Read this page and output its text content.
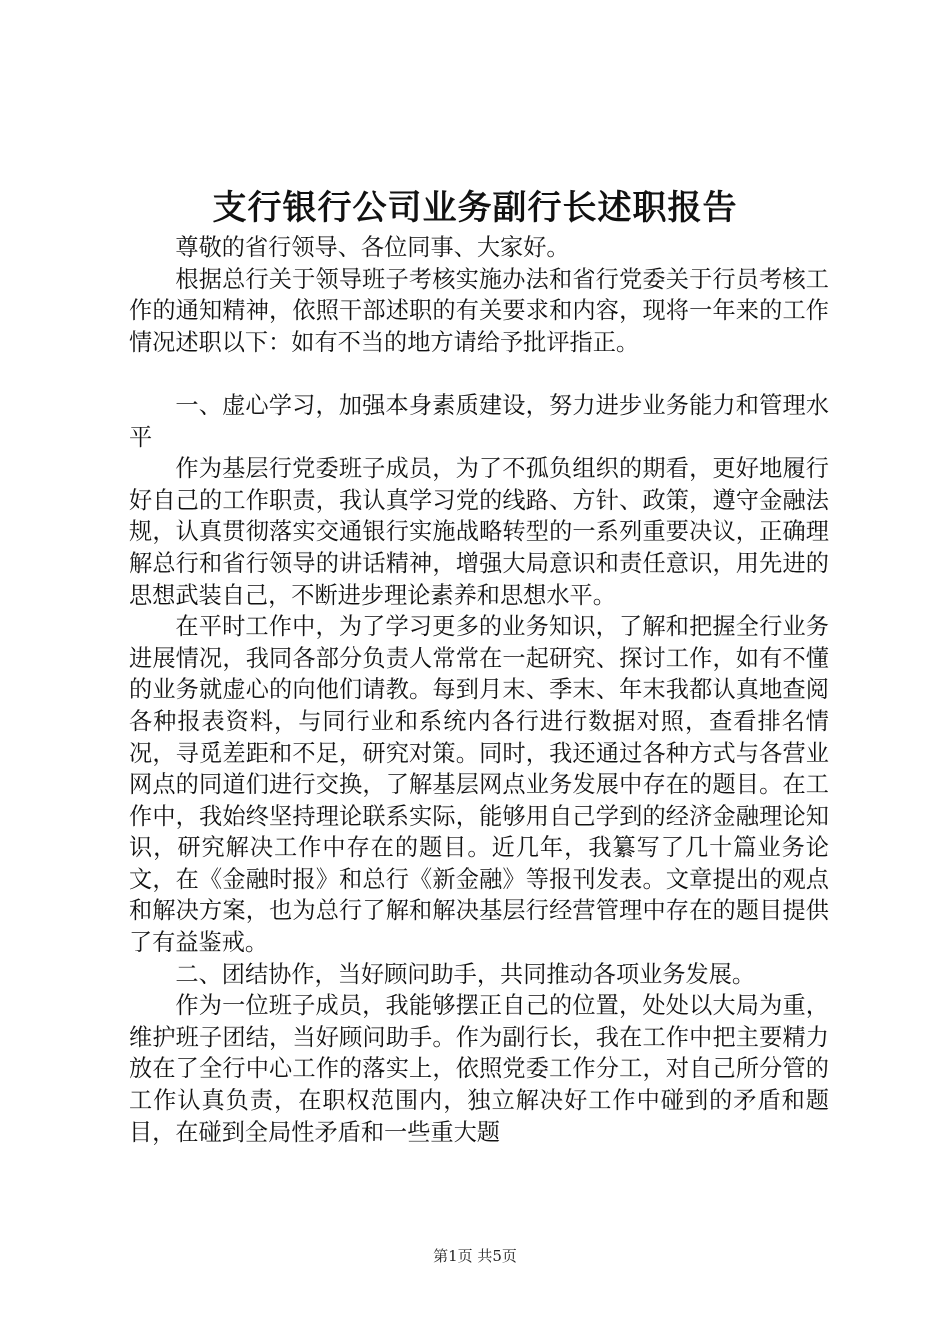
支行银行公司业务副行长述职报告

尊敬的省行领导、各位同事、大家好。

根据总行关于领导班子考核实施办法和省行党委关于行员考核工作的通知精神，依照干部述职的有关要求和内容，现将一年来的工作情况述职以下：如有不当的地方请给予批评指正。

一、虚心学习，加强本身素质建设，努力进步业务能力和管理水平

作为基层行党委班子成员，为了不孤负组织的期看，更好地履行好自己的工作职责，我认真学习党的线路、方针、政策，遵守金融法规，认真贯彻落实交通银行实施战略转型的一系列重要决议，正确理解总行和省行领导的讲话精神，增强大局意识和责任意识，用先进的思想武装自己，不断进步理论素养和思想水平。

在平时工作中，为了学习更多的业务知识，了解和把握全行业务进展情况，我同各部分负责人常常在一起研究、探讨工作，如有不懂的业务就虚心的向他们请教。每到月末、季末、年末我都认真地查阅各种报表资料，与同行业和系统内各行进行数据对照，查看排名情况，寻觅差距和不足，研究对策。同时，我还通过各种方式与各营业网点的同道们进行交换，了解基层网点业务发展中存在的题目。在工作中，我始终坚持理论联系实际，能够用自己学到的经济金融理论知识，研究解决工作中存在的题目。近几年，我纂写了几十篇业务论文，在《金融时报》和总行《新金融》等报刊发表。文章提出的观点和解决方案，也为总行了解和解决基层行经营管理中存在的题目提供了有益鉴戒。

二、团结协作，当好顾问助手，共同推动各项业务发展。

作为一位班子成员，我能够摆正自己的位置，处处以大局为重，维护班子团结，当好顾问助手。作为副行长，我在工作中把主要精力放在了全行中心工作的落实上，依照党委工作分工，对自己所分管的工作认真负责，在职权范围内，独立解决好工作中碰到的矛盾和题目，在碰到全局性矛盾和一些重大题

第1页 共5页
